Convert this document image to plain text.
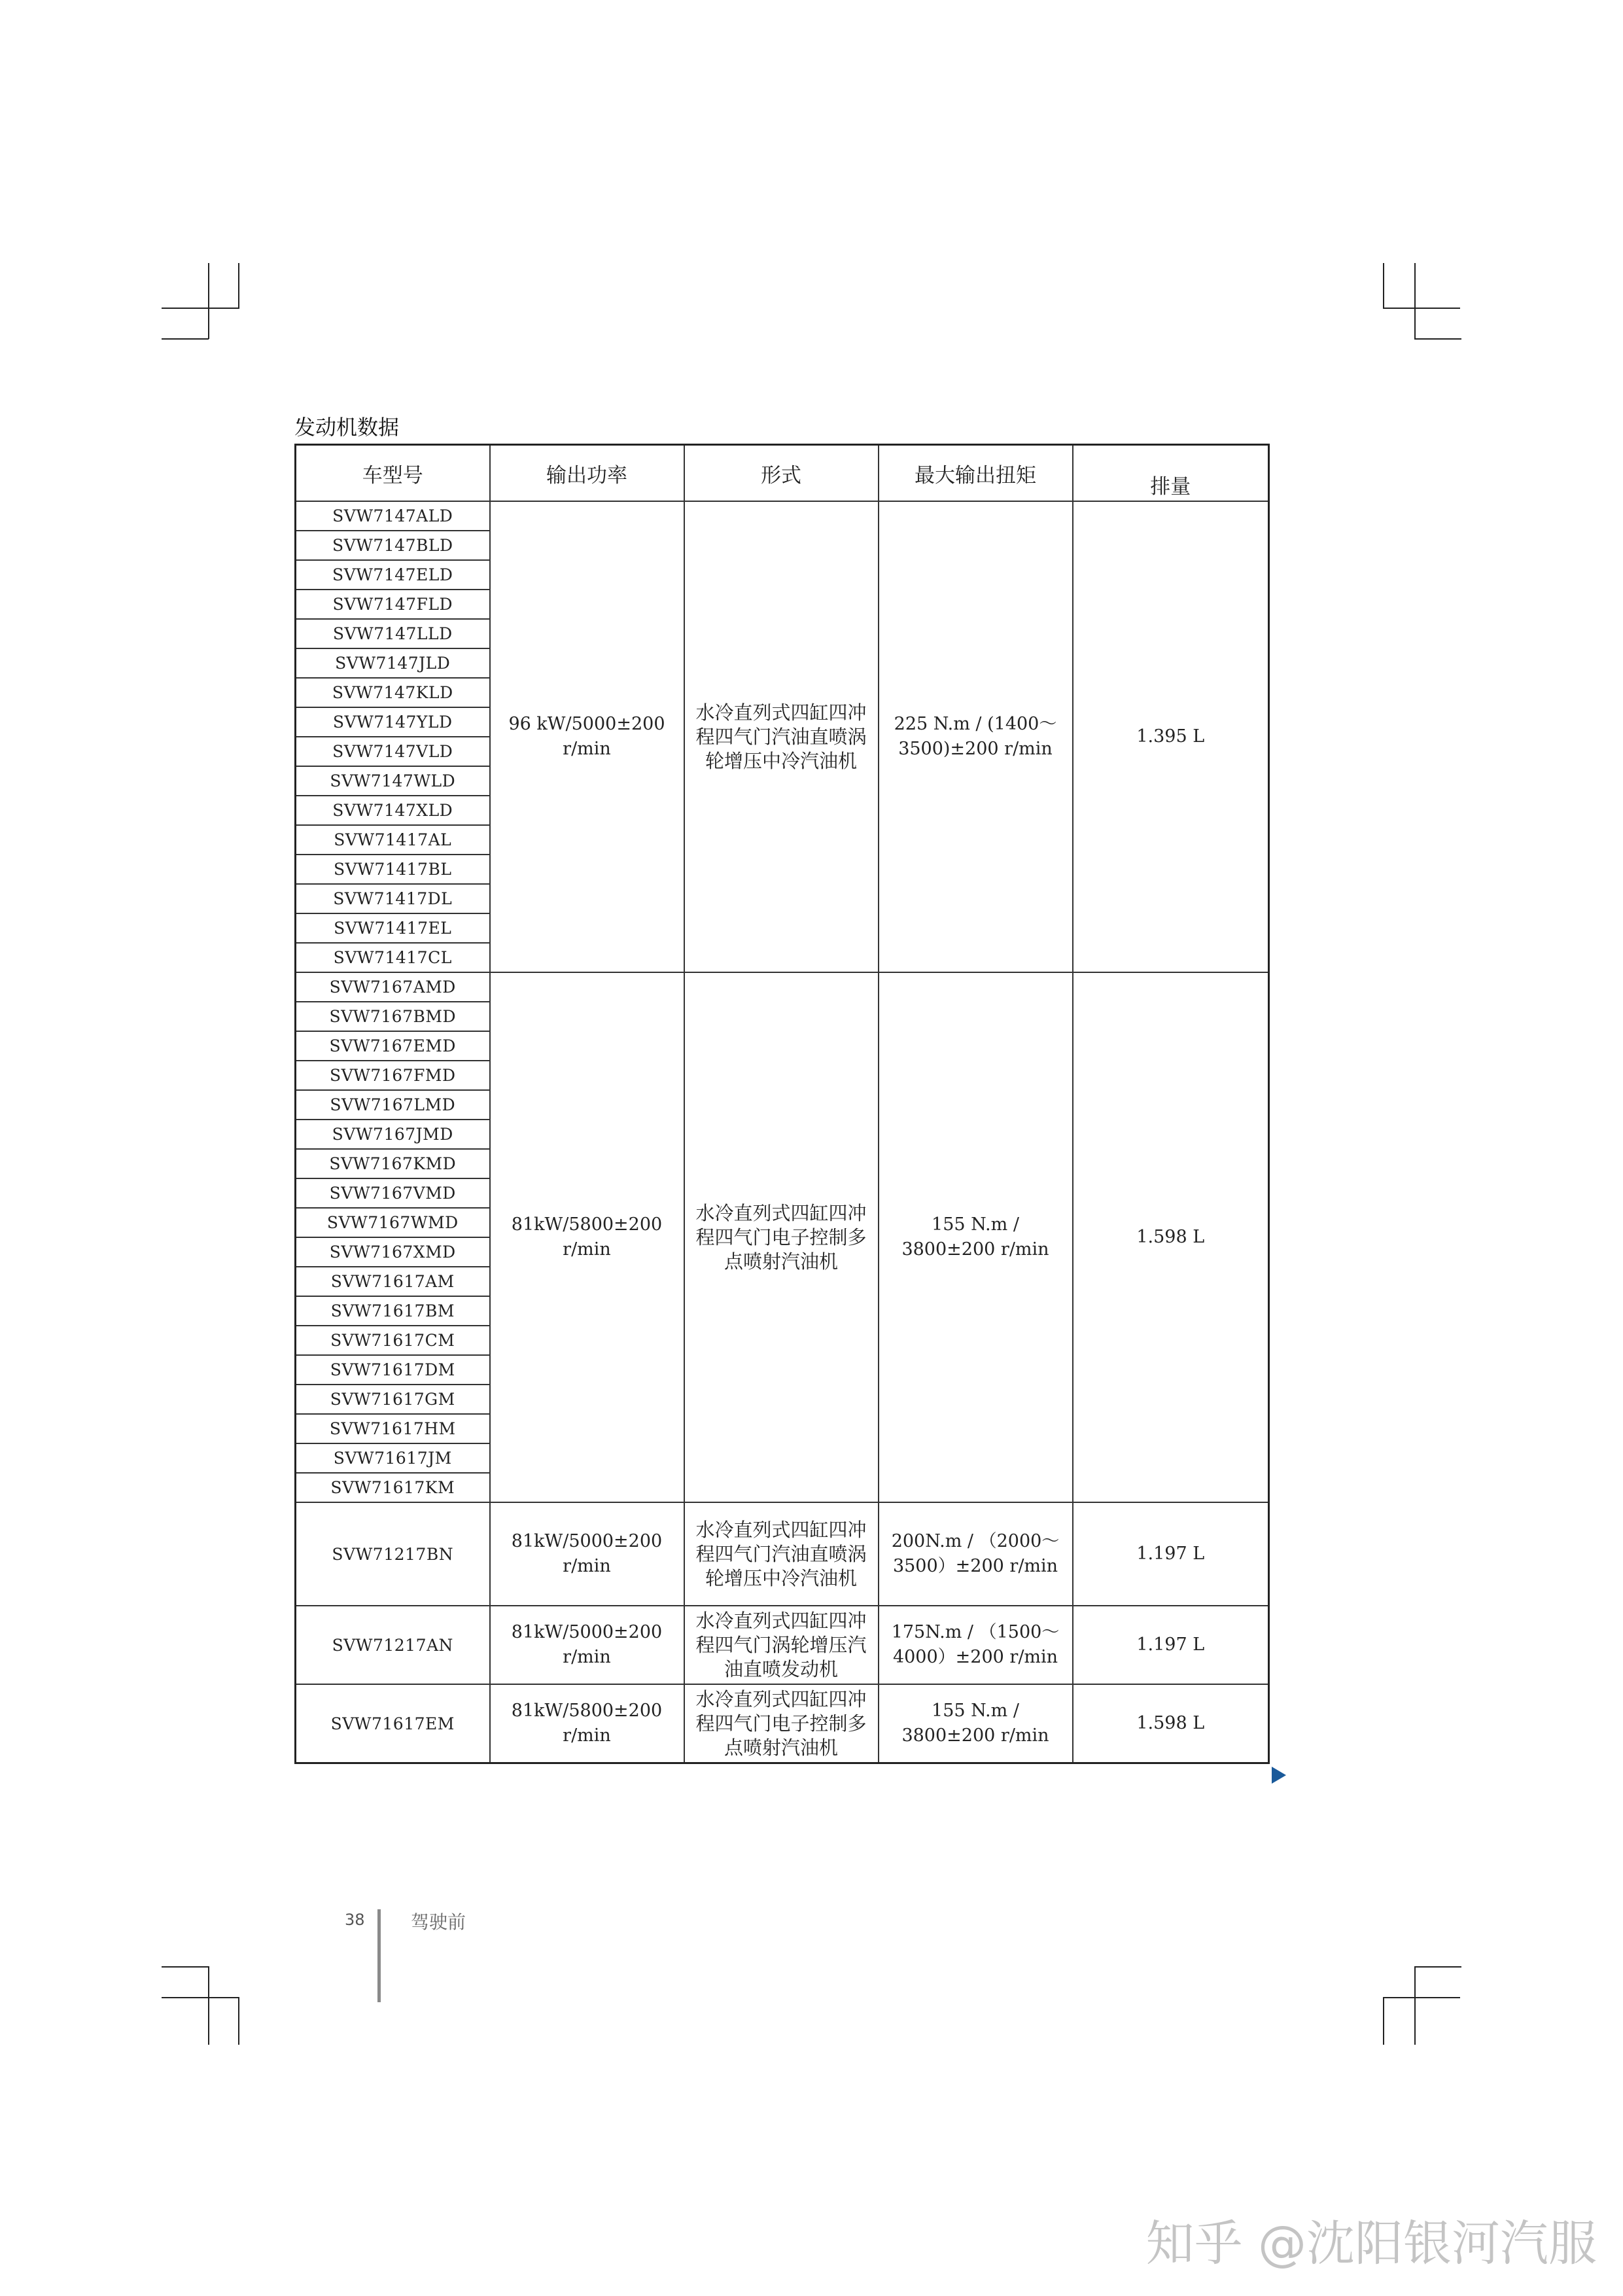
发动机数据
车型号	输出功率	形式	最大输出扭矩	排量
SVW7147ALD	96 kW/5000±200 r/min	水冷直列式四缸四冲程四气门汽油直喷涡轮增压中冷汽油机	225 N.m / (1400～3500)±200 r/min	1.395 L
SVW7147BLD				
SVW7147ELD				
SVW7147FLD				
SVW7147LLD				
SVW7147JLD				
SVW7147KLD				
SVW7147YLD				
SVW7147VLD				
SVW7147WLD				
SVW7147XLD				
SVW71417AL				
SVW71417BL				
SVW71417DL				
SVW71417EL				
SVW71417CL				
SVW7167AMD	81kW/5800±200 r/min	水冷直列式四缸四冲程四气门电子控制多点喷射汽油机	155 N.m / 3800±200 r/min	1.598 L
SVW7167BMD				
SVW7167EMD				
SVW7167FMD				
SVW7167LMD				
SVW7167JMD				
SVW7167KMD				
SVW7167VMD				
SVW7167WMD				
SVW7167XMD				
SVW71617AM				
SVW71617BM				
SVW71617CM				
SVW71617DM				
SVW71617GM				
SVW71617HM				
SVW71617JM				
SVW71617KM				
SVW71217BN	81kW/5000±200 r/min	水冷直列式四缸四冲程四气门汽油直喷涡轮增压中冷汽油机	200N.m / （2000～3500）±200 r/min	1.197 L
SVW71217AN	81kW/5000±200 r/min	水冷直列式四缸四冲程四气门涡轮增压汽油直喷发动机	175N.m / （1500～4000）±200 r/min	1.197 L
SVW71617EM	81kW/5800±200 r/min	水冷直列式四缸四冲程四气门电子控制多点喷射汽油机	155 N.m / 3800±200 r/min	1.598 L
38	驾驶前
知乎 @沈阳银河汽服
